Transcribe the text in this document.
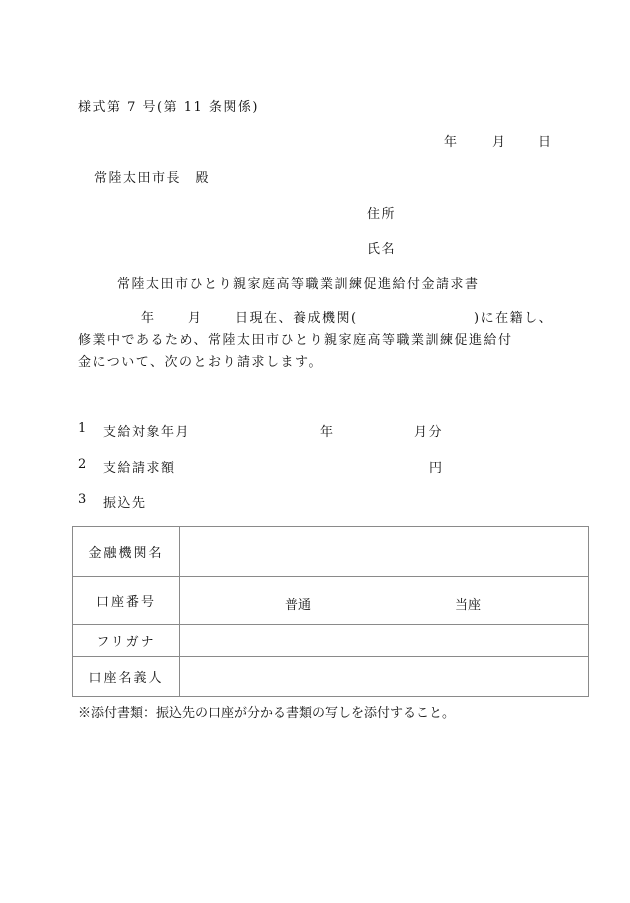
様式第 7 号(第 11 条関係)
年	月	日
常陸太田市長　殿
住所
氏名
常陸太田市ひとり親家庭高等職業訓練促進給付金請求書
年	月	日現在、養成機関(	)に在籍し、
修業中であるため、常陸太田市ひとり親家庭高等職業訓練促進給付
金について、次のとおり請求します。
1 支給対象年月	年	月分
2 支給請求額	円
3 振込先
金融機関名	
口座番号	普通 当座

フリガナ	
口座名義人	
※添付書類：振込先の口座が分かる書類の写しを添付すること。
